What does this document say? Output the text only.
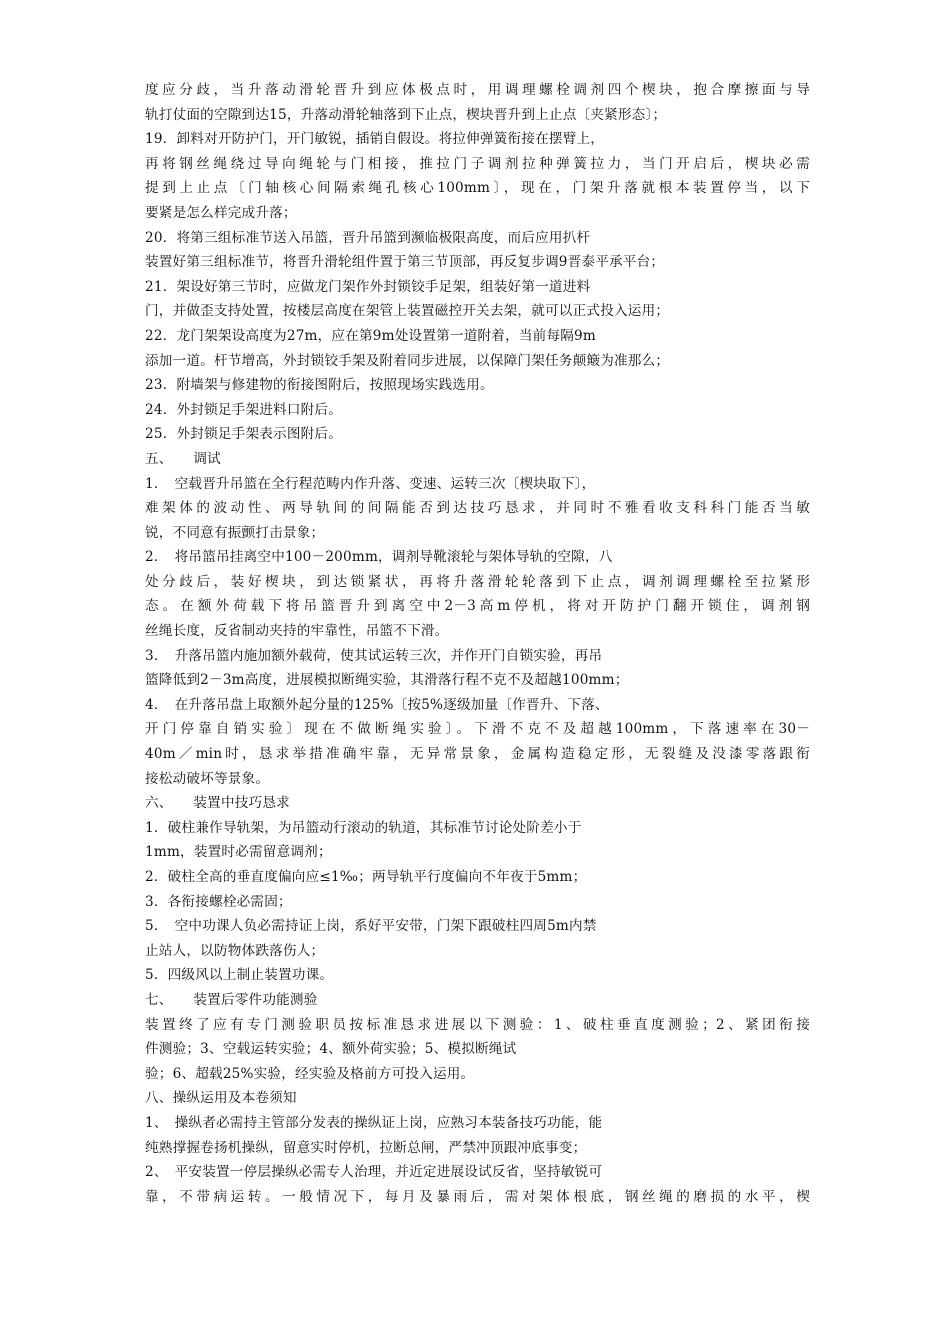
度应分歧，当升落动滑轮晋升到应体极点时，用调理螺栓调剂四个楔块，抱合摩擦面与导
轨打仗面的空隙到达15，升落动滑轮轴落到下止点，楔块晋升到上止点〔夹紧形态〕；
19．卸料对开防护门，开门敏锐，插销自假设。将拉伸弹簧衔接在摆臂上，
再将钢丝绳绕过导向绳轮与门相接，推拉门子调剂拉种弹簧拉力，当门开启后，楔块必需
提到上止点〔门轴核心间隔索绳孔核心100mm〕，现在，门架升落就根本装置停当，以下
要紧是怎么样完成升落；
20．将第三组标准节送入吊篮，晋升吊篮到濒临极限高度，而后应用扒杆
装置好第三组标准节，将晋升滑轮组件置于第三节顶部，再反复步调9晋泰平承平台；
21．架设好第三节时，应做龙门架作外封锁铰手足架，组装好第一道进料
门，并做歪支持处置，按楼层高度在架管上装置磁控开关去架，就可以正式投入运用；
22．龙门架架设高度为27m，应在第9m处设置第一道附着，当前每隔9m
添加一道。杆节增高，外封锁铰手架及附着同步进展，以保障门架任务颠簸为准那么；
23．附墙架与修建物的衔接图附后，按照现场实践选用。
24．外封锁足手架进料口附后。
25．外封锁足手架表示图附后。
五、　　调试
1．　空载晋升吊篮在全行程范畴内作升落、变速、运转三次〔楔块取下〕，
难架体的波动性、两导轨间的间隔能否到达技巧恳求，并同时不雅看收支科科门能否当敏
锐，不同意有振颤打击景象；
2．　将吊篮吊挂离空中100－200mm，调剂导靴滚轮与架体导轨的空隙，八
处分歧后，装好楔块，到达锁紧状，再将升落滑轮轮落到下止点，调剂调理螺栓至拉紧形
态。在额外荷载下将吊篮晋升到离空中2－3高m停机，将对开防护门翻开锁住，调剂钢
丝绳长度，反省制动夹持的牢靠性，吊篮不下滑。
3．　升落吊篮内施加额外载荷，使其试运转三次，并作开门自锁实验，再吊
篮降低到2－3m高度，进展模拟断绳实验，其滑落行程不克不及超越100mm；
4．　在升落吊盘上取额外起分量的125%〔按5%逐级加量〔作晋升、下落、
开门停靠自销实验〕现在不做断绳实验〕。下滑不克不及超越100mm，下落速率在30－
40m／min时，恳求举措准确牢靠，无异常景象，金属构造稳定形，无裂缝及没漆零落跟衔
接松动破坏等景象。
六、　　装置中技巧恳求
1．破柱兼作导轨架，为吊篮动行滚动的轨道，其标准节讨论处阶差小于
1mm，装置时必需留意调剂；
2．破柱全高的垂直度偏向应≤1‰；两导轨平行度偏向不年夜于5mm；
3．各衔接螺栓必需固；
5．　空中功课人负必需持证上岗，系好平安带，门架下跟破柱四周5m内禁
止站人，以防物体跌落伤人；
5．四级风以上制止装置功课。
七、　　装置后零件功能测验
装置终了应有专门测验职员按标准恳求进展以下测验：1、破柱垂直度测验；2、紧团衔接
件测验；3、空载运转实验；4、额外荷实验；5、模拟断绳试
验；6、超载25%实验，经实验及格前方可投入运用。
八、操纵运用及本卷须知
1、　操纵者必需持主管部分发表的操纵证上岗，应熟习本装备技巧功能，能
纯熟撑握卷扬机操纵，留意实时停机，拉断总闸，严禁冲顶跟冲底事变；
2、　平安装置一停层操纵必需专人治理，并近定进展设试反省，坚持敏锐可
靠，不带病运转。一般情况下，每月及暴雨后，需对架体根底，钢丝绳的磨损的水平，楔
